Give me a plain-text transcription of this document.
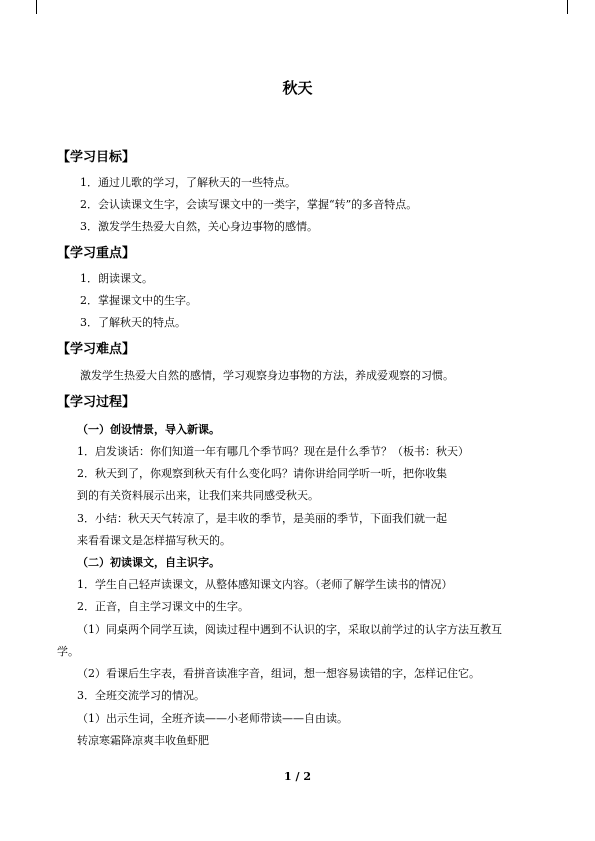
秋天
【学习目标】
1．通过儿歌的学习，了解秋天的一些特点。
2．会认读课文生字，会读写课文中的一类字，掌握“转”的多音特点。
3．激发学生热爱大自然，关心身边事物的感情。
【学习重点】
1．朗读课文。
2．掌握课文中的生字。
3．了解秋天的特点。
【学习难点】
激发学生热爱大自然的感情，学习观察身边事物的方法，养成爱观察的习惯。
【学习过程】
（一）创设情景，导入新课。
1．启发谈话：你们知道一年有哪几个季节吗？现在是什么季节？（板书：秋天）
2．秋天到了，你观察到秋天有什么变化吗？请你讲给同学听一听，把你收集
到的有关资料展示出来，让我们来共同感受秋天。
3．小结：秋天天气转凉了，是丰收的季节，是美丽的季节，下面我们就一起
来看看课文是怎样描写秋天的。
（二）初读课文，自主识字。
1．学生自己轻声读课文，从整体感知课文内容。（老师了解学生读书的情况）
2．正音，自主学习课文中的生字。
（1）同桌两个同学互读，阅读过程中遇到不认识的字，采取以前学过的认字方法互教互
学。
（2）看课后生字表，看拼音读准字音，组词，想一想容易读错的字，怎样记住它。
3．全班交流学习的情况。
（1）出示生词，全班齐读——小老师带读——自由读。
转凉寒霜降凉爽丰收鱼虾肥
1 / 2
